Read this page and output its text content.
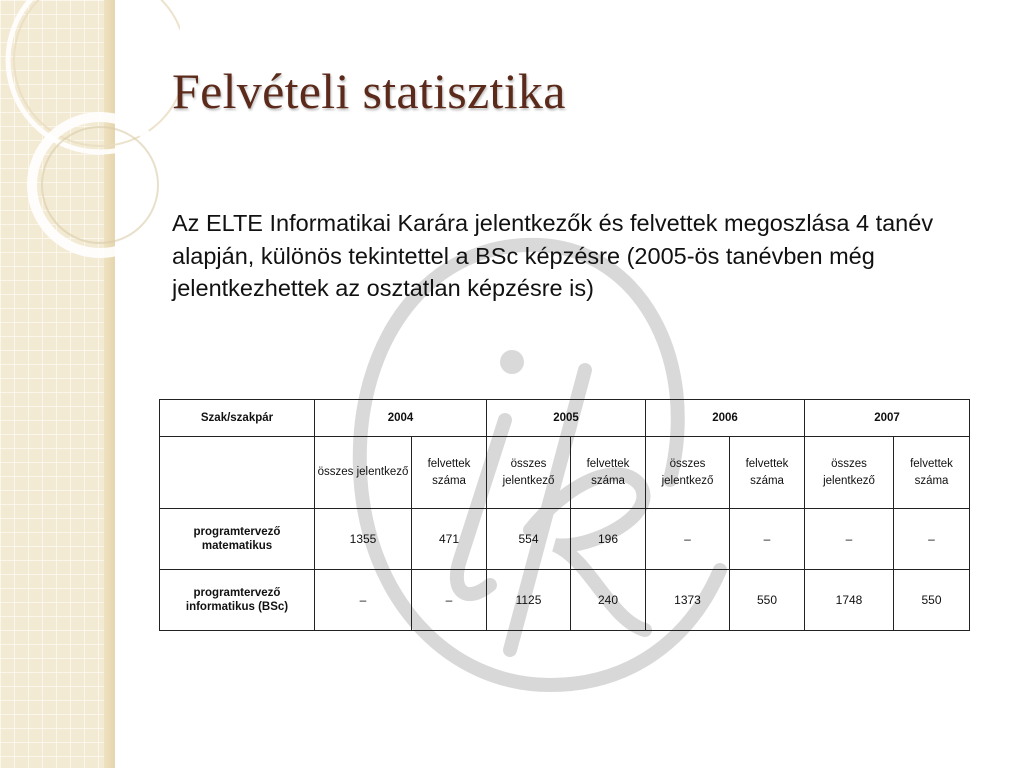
Felvételi statisztika

Az ELTE Informatikai Karára jelentkezők és felvettek megoszlása 4 tanév alapján, különös tekintettel a BSc képzésre (2005-ös tanévben még jelentkezhettek az osztatlan képzésre is)

Szak/szakpár	2004		2005		2006		2007	
	összes jelentkező	felvettek száma	összes jelentkező	felvettek száma	összes jelentkező	felvettek száma	összes jelentkező	felvettek száma
programtervező matematikus	1355	471	554	196	–	–	–	–
programtervező informatikus (BSc)	–	–	1125	240	1373	550	1748	550
